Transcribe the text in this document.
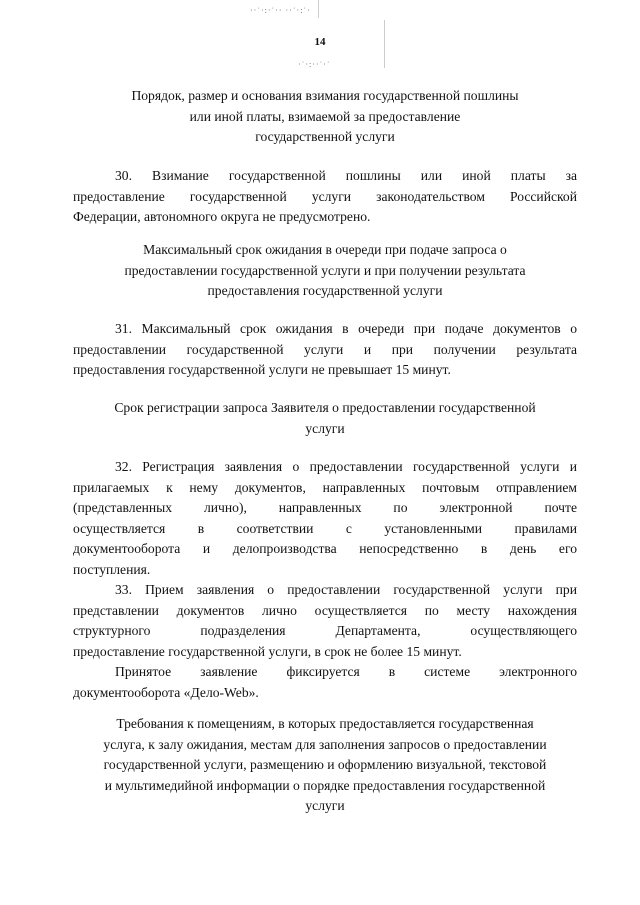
··˙·:·˙·· ··˙·:˙·
·˙·:··˙·˙
14
Порядок, размер и основания взимания государственной пошлины
или иной платы, взимаемой за предоставление
государственной услуги
30. Взимание государственной пошлины или иной платы за
предоставление государственной услуги законодательством Российской
Федерации, автономного округа не предусмотрено.
Максимальный срок ожидания в очереди при подаче запроса о
предоставлении государственной услуги и при получении результата
предоставления государственной услуги
31. Максимальный срок ожидания в очереди при подаче документов о
предоставлении государственной услуги и при получении результата
предоставления государственной услуги не превышает 15 минут.
Срок регистрации запроса Заявителя о предоставлении государственной
услуги
32. Регистрация заявления о предоставлении государственной услуги и
прилагаемых к нему документов, направленных почтовым отправлением
(представленных лично), направленных по электронной почте
осуществляется в соответствии с установленными правилами
документооборота и делопроизводства непосредственно в день его
поступления.
33. Прием заявления о предоставлении государственной услуги при
представлении документов лично осуществляется по месту нахождения
структурного подразделения Департамента, осуществляющего
предоставление государственной услуги, в срок не более 15 минут.
Принятое заявление фиксируется в системе электронного
документооборота «Дело-Web».
Требования к помещениям, в которых предоставляется государственная
услуга, к залу ожидания, местам для заполнения запросов о предоставлении
государственной услуги, размещению и оформлению визуальной, текстовой
и мультимедийной информации о порядке предоставления государственной
услуги
